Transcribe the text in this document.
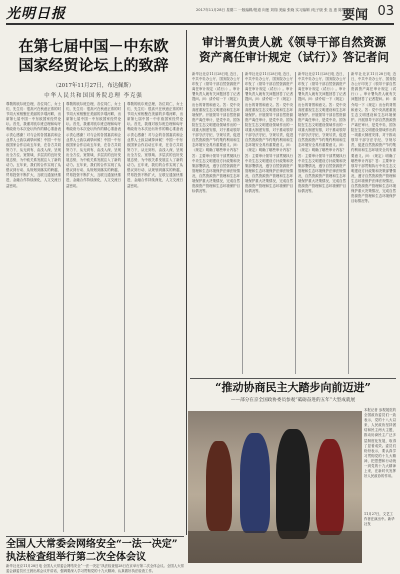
光明日报	2017年11月28日 星期二 一版编辑/报道 向莲 刘翔 美编 张晓 实习编辑 /电子版 张 连 惠 陈诗金
要闻 03
在第七届中国－中东欧
国家经贸论坛上的致辞
（2017年11月27日，布达佩斯）
中华人民共和国国务院总理 李克强
尊敬的欧尔班总理，各位同仁，女士们，先生们：很高兴在秋意正浓的时节同大家相聚在美丽的多瑙河畔，出席第七届中国－中东欧国家经贸论坛。首先，我谨对欧尔班总理和匈牙利政府为本次论坛所作的精心准备表示衷心感谢！对与会的各国嘉宾和企业界人士致以诚挚问候！中国－中东欧国家合作启动五年来，在各方共同努力下，从无到有、由浅入深，呈现出全方位、宽领域、多层次的良好发展态势，为中欧关系发展注入了新的动力。五年来，我们的合作实现了从倡议到行动、从规划到落实的跨越，贸易投资不断扩大，互联互通加快推进，金融合作持续深化，人文交流日益密切。
尊敬的欧尔班总理，各位同仁，女士们，先生们：很高兴在秋意正浓的时节同大家相聚在美丽的多瑙河畔，出席第七届中国－中东欧国家经贸论坛。首先，我谨对欧尔班总理和匈牙利政府为本次论坛所作的精心准备表示衷心感谢！对与会的各国嘉宾和企业界人士致以诚挚问候！中国－中东欧国家合作启动五年来，在各方共同努力下，从无到有、由浅入深，呈现出全方位、宽领域、多层次的良好发展态势，为中欧关系发展注入了新的动力。五年来，我们的合作实现了从倡议到行动、从规划到落实的跨越，贸易投资不断扩大，互联互通加快推进，金融合作持续深化，人文交流日益密切。
尊敬的欧尔班总理，各位同仁，女士们，先生们：很高兴在秋意正浓的时节同大家相聚在美丽的多瑙河畔，出席第七届中国－中东欧国家经贸论坛。首先，我谨对欧尔班总理和匈牙利政府为本次论坛所作的精心准备表示衷心感谢！对与会的各国嘉宾和企业界人士致以诚挚问候！中国－中东欧国家合作启动五年来，在各方共同努力下，从无到有、由浅入深，呈现出全方位、宽领域、多层次的良好发展态势，为中欧关系发展注入了新的动力。五年来，我们的合作实现了从倡议到行动、从规划到落实的跨越，贸易投资不断扩大，互联互通加快推进，金融合作持续深化，人文交流日益密切。
审计署负责人就《领导干部自然资源
资产离任审计规定（试行）》答记者问
新华社北京11月28日电 近日，中共中央办公厅、国务院办公厅印发了《领导干部自然资源资产离任审计规定（试行）》。审计署负责人就有关问题回答了记者提问。问：请介绍一下《规定》出台的背景和意义。答：党中央高度重视生态文明建设和生态环境保护。开展领导干部自然资源资产离任审计，是党中央、国务院在生态文明建设领域作出的一项重大制度安排，对于推动领导干部守法守纪、守规尽责，促进自然资源资产节约集约利用和生态环境安全具有重要意义。问：《规定》明确了哪些审计内容？答：主要审计领导干部贯彻执行中央生态文明建设方针政策和决策部署情况，遵守自然资源资产管理和生态环境保护法律法规情况，自然资源资产管理和生态环境保护重大决策情况，完成自然资源资产管理和生态环境保护目标情况等。
新华社北京11月28日电 近日，中共中央办公厅、国务院办公厅印发了《领导干部自然资源资产离任审计规定（试行）》。审计署负责人就有关问题回答了记者提问。问：请介绍一下《规定》出台的背景和意义。答：党中央高度重视生态文明建设和生态环境保护。开展领导干部自然资源资产离任审计，是党中央、国务院在生态文明建设领域作出的一项重大制度安排，对于推动领导干部守法守纪、守规尽责，促进自然资源资产节约集约利用和生态环境安全具有重要意义。问：《规定》明确了哪些审计内容？答：主要审计领导干部贯彻执行中央生态文明建设方针政策和决策部署情况，遵守自然资源资产管理和生态环境保护法律法规情况，自然资源资产管理和生态环境保护重大决策情况，完成自然资源资产管理和生态环境保护目标情况等。
新华社北京11月28日电 近日，中共中央办公厅、国务院办公厅印发了《领导干部自然资源资产离任审计规定（试行）》。审计署负责人就有关问题回答了记者提问。问：请介绍一下《规定》出台的背景和意义。答：党中央高度重视生态文明建设和生态环境保护。开展领导干部自然资源资产离任审计，是党中央、国务院在生态文明建设领域作出的一项重大制度安排，对于推动领导干部守法守纪、守规尽责，促进自然资源资产节约集约利用和生态环境安全具有重要意义。问：《规定》明确了哪些审计内容？答：主要审计领导干部贯彻执行中央生态文明建设方针政策和决策部署情况，遵守自然资源资产管理和生态环境保护法律法规情况，自然资源资产管理和生态环境保护重大决策情况，完成自然资源资产管理和生态环境保护目标情况等。
新华社北京11月28日电 近日，中共中央办公厅、国务院办公厅印发了《领导干部自然资源资产离任审计规定（试行）》。审计署负责人就有关问题回答了记者提问。问：请介绍一下《规定》出台的背景和意义。答：党中央高度重视生态文明建设和生态环境保护。开展领导干部自然资源资产离任审计，是党中央、国务院在生态文明建设领域作出的一项重大制度安排，对于推动领导干部守法守纪、守规尽责，促进自然资源资产节约集约利用和生态环境安全具有重要意义。问：《规定》明确了哪些审计内容？答：主要审计领导干部贯彻执行中央生态文明建设方针政策和决策部署情况，遵守自然资源资产管理和生态环境保护法律法规情况，自然资源资产管理和生态环境保护重大决策情况，完成自然资源资产管理和生态环境保护目标情况等。
“推动协商民主大踏步向前迈进”
——部分在京全国政协委员参观“砥砺奋进的五年”大型成就展
本报记者 参观展览的全国政协委员们一致表示，党的十八大以来，人民政协坚持团结和民主两大主题，推动协商民主广泛多层制度化发展，取得了显著成效。委员们纷纷表示，要认真学习贯彻党的十九大精神，把思想和行动统一到党的十九大精神上来，在新时代发挥好人民政协的作用。
11月27日，文艺工作者在演出中。新华社发
全国人大常委会网络安全“一法一决定”
执法检查组举行第二次全体会议
新华社北京11月28日电 全国人大常委会网络安全“一法一决定”执法检查组28日在京举行第二次全体会议。全国人大常委会副委员长王晨出席会议并讲话，强调要深入学习贯彻党的十九大精神，认真做好执法检查工作。
